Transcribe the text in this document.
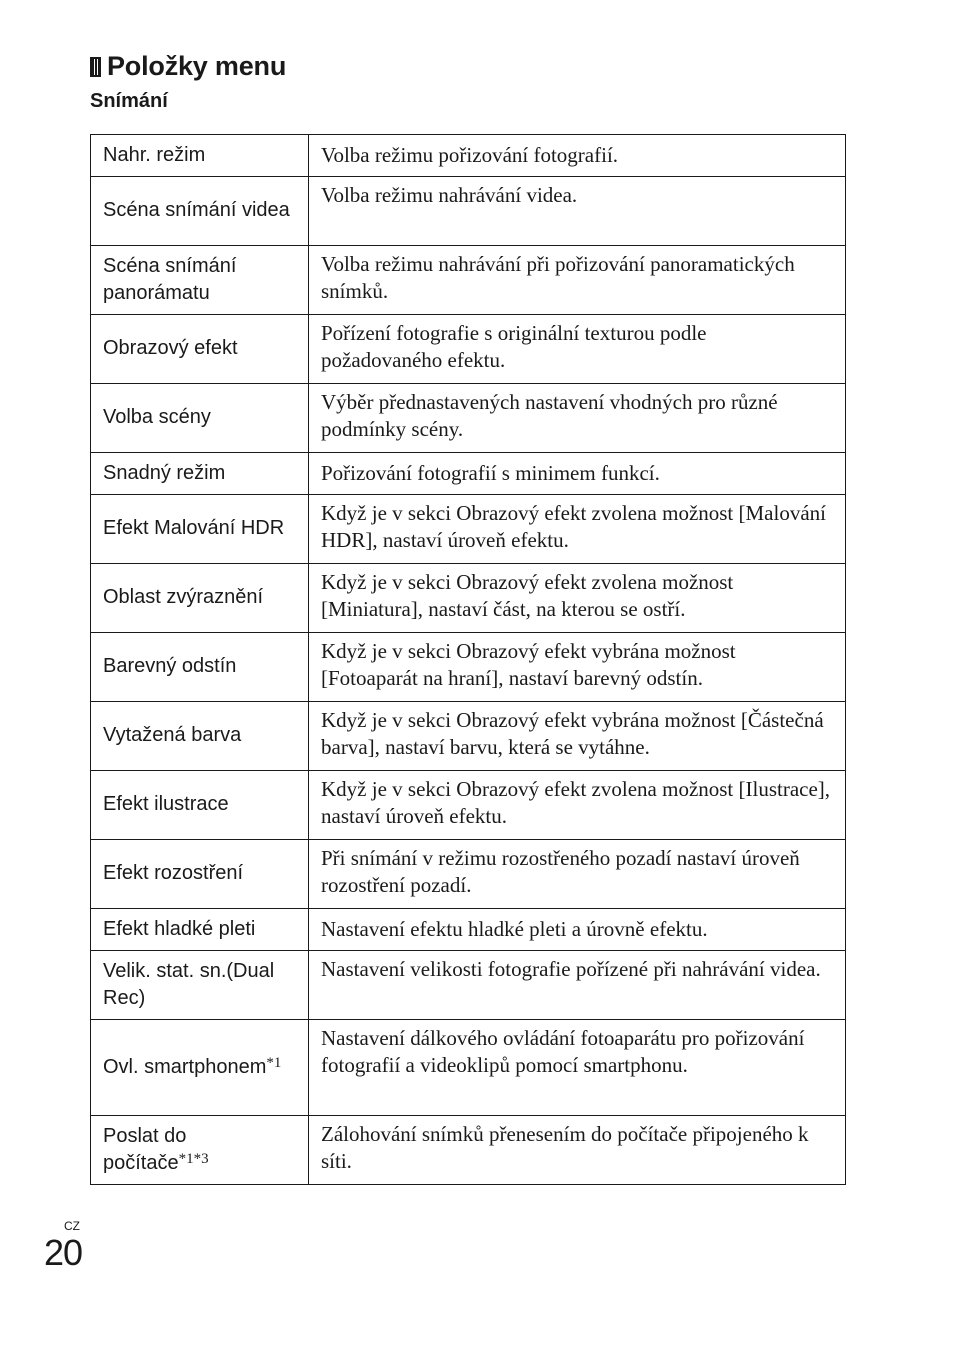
Položky menu
Snímání
Nahr. režim	Volba režimu pořizování fotografií.
Scéna snímání videa	Volba režimu nahrávání videa.
Scéna snímání panorámatu	Volba režimu nahrávání při pořizování panoramatických snímků.
Obrazový efekt	Pořízení fotografie s originální texturou podle požadovaného efektu.
Volba scény	Výběr přednastavených nastavení vhodných pro různé podmínky scény.
Snadný režim	Pořizování fotografií s minimem funkcí.
Efekt Malování HDR	Když je v sekci Obrazový efekt zvolena možnost [Malování HDR], nastaví úroveň efektu.
Oblast zvýraznění	Když je v sekci Obrazový efekt zvolena možnost [Miniatura], nastaví část, na kterou se ostří.
Barevný odstín	Když je v sekci Obrazový efekt vybrána možnost [Fotoaparát na hraní], nastaví barevný odstín.
Vytažená barva	Když je v sekci Obrazový efekt vybrána možnost [Částečná barva], nastaví barvu, která se vytáhne.
Efekt ilustrace	Když je v sekci Obrazový efekt zvolena možnost [Ilustrace], nastaví úroveň efektu.
Efekt rozostření	Při snímání v režimu rozostřeného pozadí nastaví úroveň rozostření pozadí.
Efekt hladké pleti	Nastavení efektu hladké pleti a úrovně efektu.
Velik. stat. sn.(Dual Rec)	Nastavení velikosti fotografie pořízené při nahrávání videa.
Ovl. smartphonem$^{*1}$	Nastavení dálkového ovládání fotoaparátu pro pořizování fotografií a videoklipů pomocí smartphonu.
Poslat do počítače$^{*1*3}$	Zálohování snímků přenesením do počítače připojeného k síti.
CZ
20
